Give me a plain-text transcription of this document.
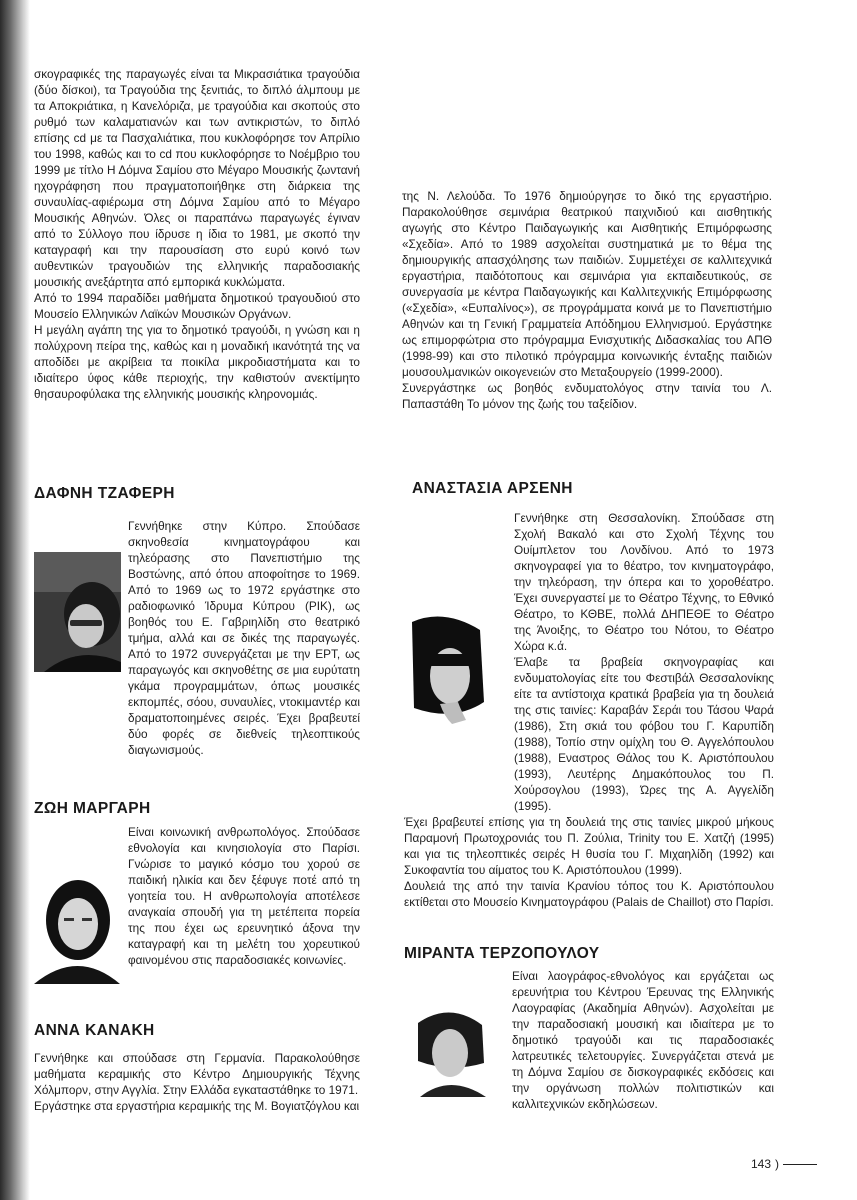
σκογραφικές της παραγωγές είναι τα Μικρασιάτικα τραγούδια (δύο δίσκοι), τα Τραγούδια της ξενιτιάς, το διπλό άλμπουμ με τα Αποκριάτικα, η Κανελόριζα, με τραγούδια και σκοπούς στο ρυθμό των καλαματιανών και των αντικριστών, το διπλό επίσης cd με τα Πασχαλιάτικα, που κυκλοφόρησε τον Απρίλιο του 1998, καθώς και το cd που κυκλοφόρησε το Νοέμβριο του 1999 με τίτλο Η Δόμνα Σαμίου στο Μέγαρο Μουσικής ζωντανή ηχογράφηση που πραγματοποιήθηκε στη διάρκεια της συναυλίας-αφιέρωμα στη Δόμνα Σαμίου από το Μέγαρο Μουσικής Αθηνών. Όλες οι παραπάνω παραγωγές έγιναν από το Σύλλογο που ίδρυσε η ίδια το 1981, με σκοπό την καταγραφή και την παρουσίαση στο ευρύ κοινό των αυθεντικών τραγουδιών της ελληνικής παραδοσιακής μουσικής ανεξάρτητα από εμπορικά κυκλώματα.

Από το 1994 παραδίδει μαθήματα δημοτικού τραγουδιού στο Μουσείο Ελληνικών Λαϊκών Μουσικών Οργάνων.

Η μεγάλη αγάπη της για το δημοτικό τραγούδι, η γνώση και η πολύχρονη πείρα της, καθώς και η μοναδική ικανότητά της να αποδίδει με ακρίβεια τα ποικίλα μικροδιαστήματα και το ιδιαίτερο ύφος κάθε περιοχής, την καθιστούν ανεκτίμητο θησαυροφύλακα της ελληνικής μουσικής κληρονομιάς.

ΔΑΦΝΗ ΤΖΑΦΕΡΗ

Γεννήθηκε στην Κύπρο. Σπούδασε σκηνοθεσία κινηματογράφου και τηλεόρασης στο Πανεπιστήμιο της Βοστώνης, από όπου αποφοίτησε το 1969. Από το 1969 ως το 1972 εργάστηκε στο ραδιοφωνικό Ίδρυμα Κύπρου (ΡΙΚ), ως βοηθός του Ε. Γαβριηλίδη στο θεατρικό τμήμα, αλλά και σε δικές της παραγωγές. Από το 1972 συνεργάζεται με την ΕΡΤ, ως παραγωγός και σκηνοθέτης σε μια ευρύτατη γκάμα προγραμμάτων, όπως μουσικές εκπομπές, σόου, συναυλίες, ντοκιμαντέρ και δραματοποιημένες σειρές. Έχει βραβευτεί δύο φορές σε διεθνείς τηλεοπτικούς διαγωνισμούς.

ΖΩΗ ΜΑΡΓΑΡΗ

Είναι κοινωνική ανθρωπολόγος. Σπούδασε εθνολογία και κινησιολογία στο Παρίσι. Γνώρισε το μαγικό κόσμο του χορού σε παιδική ηλικία και δεν ξέφυγε ποτέ από τη γοητεία του. Η ανθρωπολογία αποτέλεσε αναγκαία σπουδή για τη μετέπειτα πορεία της που έχει ως ερευνητικό άξονα την καταγραφή και τη μελέτη του χορευτικού φαινομένου στις παραδοσιακές κοινωνίες.

ΑΝΝΑ ΚΑΝΑΚΗ

Γεννήθηκε και σπούδασε στη Γερμανία. Παρακολούθησε μαθήματα κεραμικής στο Κέντρο Δημιουργικής Τέχνης Χόλμπορν, στην Αγγλία. Στην Ελλάδα εγκαταστάθηκε το 1971.

Εργάστηκε στα εργαστήρια κεραμικής της Μ. Βογιατζόγλου και

της Ν. Λελούδα. Το 1976 δημιούργησε το δικό της εργαστήριο. Παρακολούθησε σεμινάρια θεατρικού παιχνιδιού και αισθητικής αγωγής στο Κέντρο Παιδαγωγικής και Αισθητικής Επιμόρφωσης «Σχεδία». Από το 1989 ασχολείται συστηματικά με το θέμα της δημιουργικής απασχόλησης των παιδιών. Συμμετέχει σε καλλιτεχνικά εργαστήρια, παιδότοπους και σεμινάρια για εκπαιδευτικούς, σε συνεργασία με κέντρα Παιδαγωγικής και Καλλιτεχνικής Επιμόρφωσης («Σχεδία», «Ευπαλίνος»), σε προγράμματα κοινά με το Πανεπιστήμιο Αθηνών και τη Γενική Γραμματεία Απόδημου Ελληνισμού. Εργάστηκε ως επιμορφώτρια στο πρόγραμμα Ενισχυτικής Διδασκαλίας του ΑΠΘ (1998-99) και στο πιλοτικό πρόγραμμα κοινωνικής ένταξης παιδιών μουσουλμανικών οικογενειών στο Μεταξουργείο (1999-2000).

Συνεργάστηκε ως βοηθός ενδυματολόγος στην ταινία του Λ. Παπαστάθη Το μόνον της ζωής του ταξείδιον.

ΑΝΑΣΤΑΣΙΑ ΑΡΣΕΝΗ

Γεννήθηκε στη Θεσσαλονίκη. Σπούδασε στη Σχολή Βακαλό και στο Σχολή Τέχνης του Ουίμπλετον του Λονδίνου. Από το 1973 σκηνογραφεί για το θέατρο, τον κινηματογράφο, την τηλεόραση, την όπερα και το χοροθέατρο. Έχει συνεργαστεί με το Θέατρο Τέχνης, το Εθνικό Θέατρο, το ΚΘΒΕ, πολλά ΔΗΠΕΘΕ το Θέατρο της Άνοιξης, το Θέατρο του Νότου, το Θέατρο Χώρα κ.ά.

Έλαβε τα βραβεία σκηνογραφίας και ενδυματολογίας είτε του Φεστιβάλ Θεσσαλονίκης είτε τα αντίστοιχα κρατικά βραβεία για τη δουλειά της στις ταινίες: Καραβάν Σεράι του Τάσου Ψαρά (1986), Στη σκιά του φόβου του Γ. Καρυπίδη (1988), Τοπίο στην ομίχλη του Θ. Αγγελόπουλου (1988), Εναστρος Θάλος του Κ. Αριστόπουλου (1993), Λευτέρης Δημακόπουλος του Π. Χούρσογλου (1993), Ώρες της Α. Αγγελίδη (1995).

Έχει βραβευτεί επίσης για τη δουλειά της στις ταινίες μικρού μήκους Παραμονή Πρωτοχρονιάς του Π. Ζούλια, Trinity του Ε. Χατζή (1995) και για τις τηλεοπτικές σειρές Η θυσία του Γ. Μιχαηλίδη (1992) και Συκοφαντία του αίματος του Κ. Αριστόπουλου (1999).

Δουλειά της από την ταινία Κρανίου τόπος του Κ. Αριστόπουλου εκτίθεται στο Μουσείο Κινηματογράφου (Palais de Chaillot) στο Παρίσι.

ΜΙΡΑΝΤΑ ΤΕΡΖΟΠΟΥΛΟΥ

Είναι λαογράφος-εθνολόγος και εργάζεται ως ερευνήτρια του Κέντρου Έρευνας της Ελληνικής Λαογραφίας (Ακαδημία Αθηνών). Ασχολείται με την παραδοσιακή μουσική και ιδιαίτερα με το δημοτικό τραγούδι και τις παραδοσιακές λατρευτικές τελετουργίες. Συνεργάζεται στενά με τη Δόμνα Σαμίου σε δισκογραφικές εκδόσεις και την οργάνωση πολλών πολιτιστικών και καλλιτεχνικών εκδηλώσεων.

143 )
